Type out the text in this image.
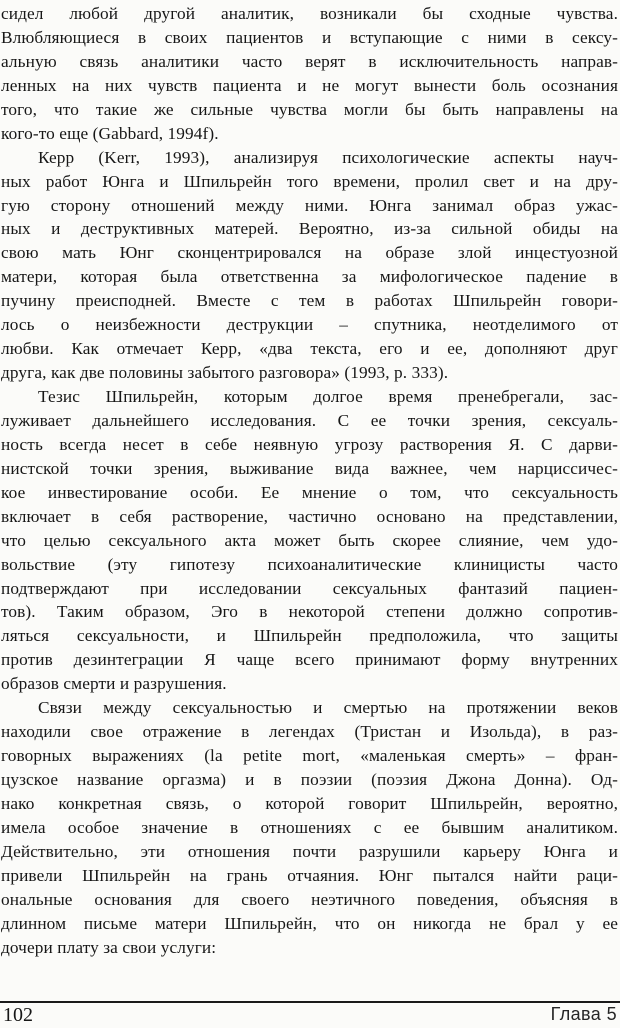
сидел любой другой аналитик, возникали бы сходные чувства.
Влюбляющиеся в своих пациентов и вступающие с ними в сексу-
альную связь аналитики часто верят в исключительность направ-
ленных на них чувств пациента и не могут вынести боль осознания
того, что такие же сильные чувства могли бы быть направлены на
кого-то еще (Gabbard, 1994f).
Керр (Kerr, 1993), анализируя психологические аспекты науч-
ных работ Юнга и Шпильрейн того времени, пролил свет и на дру-
гую сторону отношений между ними. Юнга занимал образ ужас-
ных и деструктивных матерей. Вероятно, из-за сильной обиды на
свою мать Юнг сконцентрировался на образе злой инцестуозной
матери, которая была ответственна за мифологическое падение в
пучину преисподней. Вместе с тем в работах Шпильрейн говори-
лось о неизбежности деструкции – спутника, неотделимого от
любви. Как отмечает Керр, «два текста, его и ее, дополняют друг
друга, как две половины забытого разговора» (1993, p. 333).
Тезис Шпильрейн, которым долгое время пренебрегали, зас-
луживает дальнейшего исследования. С ее точки зрения, сексуаль-
ность всегда несет в себе неявную угрозу растворения Я. С дарви-
нистской точки зрения, выживание вида важнее, чем нарциссичес-
кое инвестирование особи. Ее мнение о том, что сексуальность
включает в себя растворение, частично основано на представлении,
что целью сексуального акта может быть скорее слияние, чем удо-
вольствие (эту гипотезу психоаналитические клиницисты часто
подтверждают при исследовании сексуальных фантазий пациен-
тов). Таким образом, Эго в некоторой степени должно сопротив-
ляться сексуальности, и Шпильрейн предположила, что защиты
против дезинтеграции Я чаще всего принимают форму внутренних
образов смерти и разрушения.
Связи между сексуальностью и смертью на протяжении веков
находили свое отражение в легендах (Тристан и Изольда), в раз-
говорных выражениях (la petite mort, «маленькая смерть» – фран-
цузское название оргазма) и в поэзии (поэзия Джона Донна). Од-
нако конкретная связь, о которой говорит Шпильрейн, вероятно,
имела особое значение в отношениях с ее бывшим аналитиком.
Действительно, эти отношения почти разрушили карьеру Юнга и
привели Шпильрейн на грань отчаяния. Юнг пытался найти раци-
ональные основания для своего неэтичного поведения, объясняя в
длинном письме матери Шпильрейн, что он никогда не брал у ее
дочери плату за свои услуги:
102	Глава 5
